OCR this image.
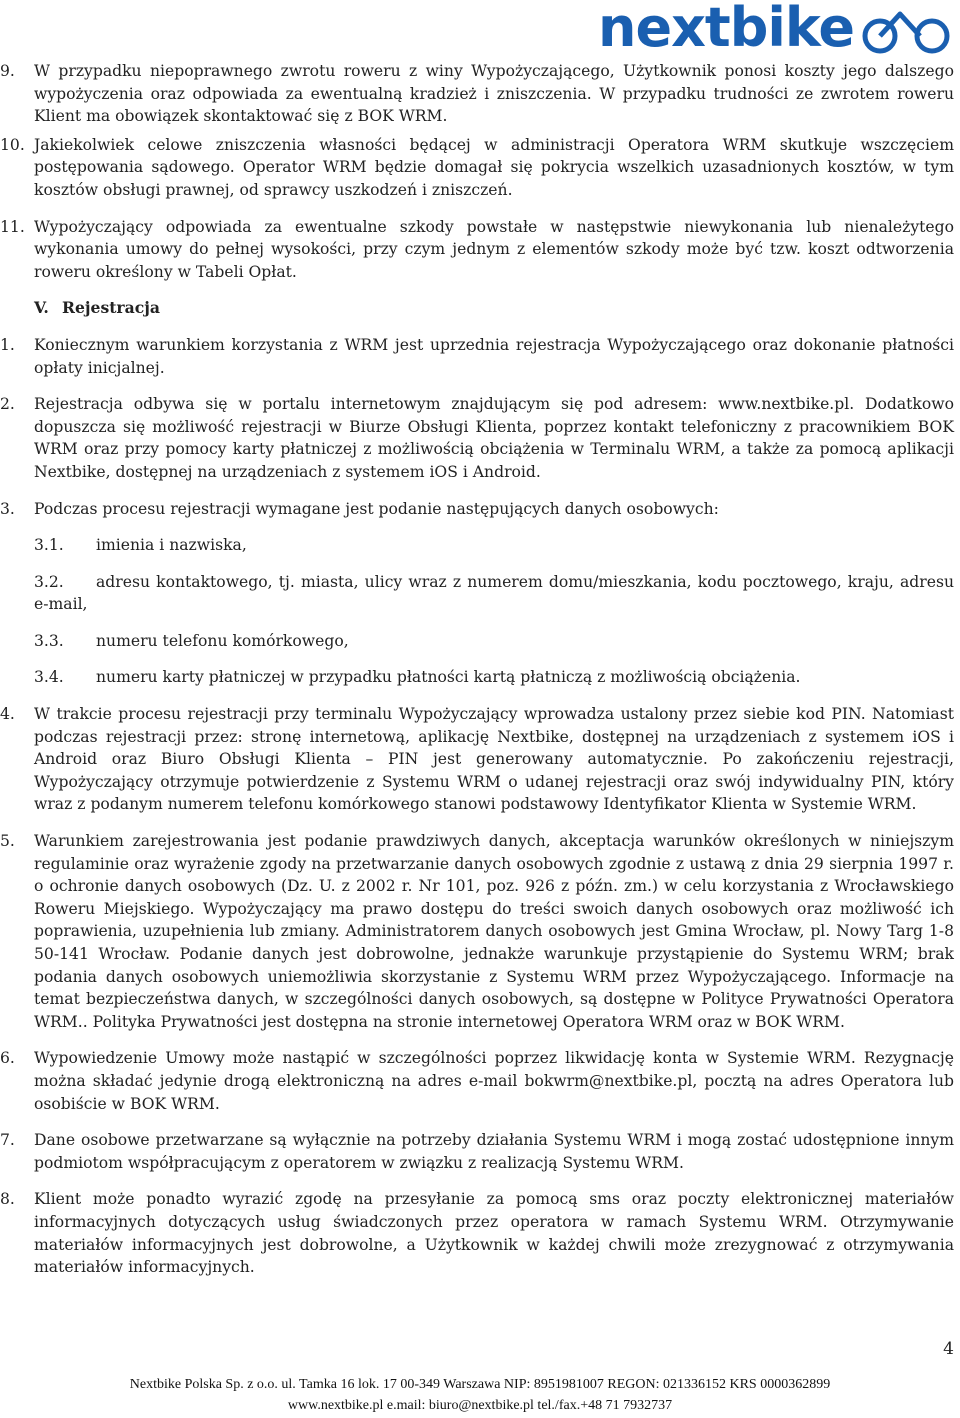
nextbike
9. W przypadku niepoprawnego zwrotu roweru z winy Wypożyczającego, Użytkownik ponosi koszty jego dalszego wypożyczenia oraz odpowiada za ewentualną kradzież i zniszczenia. W przypadku trudności ze zwrotem roweru Klient ma obowiązek skontaktować się z BOK WRM.
10. Jakiekolwiek celowe zniszczenia własności będącej w administracji Operatora WRM skutkuje wszczęciem postępowania sądowego. Operator WRM będzie domagał się pokrycia wszelkich uzasadnionych kosztów, w tym kosztów obsługi prawnej, od sprawcy uszkodzeń i zniszczeń.
11. Wypożyczający odpowiada za ewentualne szkody powstałe w następstwie niewykonania lub nienależytego wykonania umowy do pełnej wysokości, przy czym jednym z elementów szkody może być tzw. koszt odtworzenia roweru określony w Tabeli Opłat.
V. Rejestracja
1. Koniecznym warunkiem korzystania z WRM jest uprzednia rejestracja Wypożyczającego oraz dokonanie płatności opłaty inicjalnej.
2. Rejestracja odbywa się w portalu internetowym znajdującym się pod adresem: www.nextbike.pl. Dodatkowo dopuszcza się możliwość rejestracji w Biurze Obsługi Klienta, poprzez kontakt telefoniczny z pracownikiem BOK WRM oraz przy pomocy karty płatniczej z możliwością obciążenia w Terminalu WRM, a także za pomocą aplikacji Nextbike, dostępnej na urządzeniach z systemem iOS i Android.
3. Podczas procesu rejestracji wymagane jest podanie następujących danych osobowych:
3.1. imienia i nazwiska,
3.2. adresu kontaktowego, tj. miasta, ulicy wraz z numerem domu/mieszkania, kodu pocztowego, kraju, adresu e-mail,
3.3. numeru telefonu komórkowego,
3.4. numeru karty płatniczej w przypadku płatności kartą płatniczą z możliwością obciążenia.
4. W trakcie procesu rejestracji przy terminalu Wypożyczający wprowadza ustalony przez siebie kod PIN. Natomiast podczas rejestracji przez: stronę internetową, aplikację Nextbike, dostępnej na urządzeniach z systemem iOS i Android oraz Biuro Obsługi Klienta – PIN jest generowany automatycznie. Po zakończeniu rejestracji, Wypożyczający otrzymuje potwierdzenie z Systemu WRM o udanej rejestracji oraz swój indywidualny PIN, który wraz z podanym numerem telefonu komórkowego stanowi podstawowy Identyfikator Klienta w Systemie WRM.
5. Warunkiem zarejestrowania jest podanie prawdziwych danych, akceptacja warunków określonych w niniejszym regulaminie oraz wyrażenie zgody na przetwarzanie danych osobowych zgodnie z ustawą z dnia 29 sierpnia 1997 r. o ochronie danych osobowych (Dz. U. z 2002 r. Nr 101, poz. 926 z późn. zm.) w celu korzystania z Wrocławskiego Roweru Miejskiego. Wypożyczający ma prawo dostępu do treści swoich danych osobowych oraz możliwość ich poprawienia, uzupełnienia lub zmiany. Administratorem danych osobowych jest Gmina Wrocław, pl. Nowy Targ 1-8 50-141 Wrocław. Podanie danych jest dobrowolne, jednakże warunkuje przystąpienie do Systemu WRM; brak podania danych osobowych uniemożliwia skorzystanie z Systemu WRM przez Wypożyczającego. Informacje na temat bezpieczeństwa danych, w szczególności danych osobowych, są dostępne w Polityce Prywatności Operatora WRM.. Polityka Prywatności jest dostępna na stronie internetowej Operatora WRM oraz w BOK WRM.
6. Wypowiedzenie Umowy może nastąpić w szczególności poprzez likwidację konta w Systemie WRM. Rezygnację można składać jedynie drogą elektroniczną na adres e-mail bokwrm@nextbike.pl, pocztą na adres Operatora lub osobiście w BOK WRM.
7. Dane osobowe przetwarzane są wyłącznie na potrzeby działania Systemu WRM i mogą zostać udostępnione innym podmiotom współpracującym z operatorem w związku z realizacją Systemu WRM.
8. Klient może ponadto wyrazić zgodę na przesyłanie za pomocą sms oraz poczty elektronicznej materiałów informacyjnych dotyczących usług świadczonych przez operatora w ramach Systemu WRM. Otrzymywanie materiałów informacyjnych jest dobrowolne, a Użytkownik w każdej chwili może zrezygnować z otrzymywania materiałów informacyjnych.
4
Nextbike Polska Sp. z o.o. ul. Tamka 16 lok. 17 00-349 Warszawa NIP: 8951981007 REGON: 021336152 KRS 0000362899
www.nextbike.pl e.mail: biuro@nextbike.pl tel./fax.+48 71 7932737
